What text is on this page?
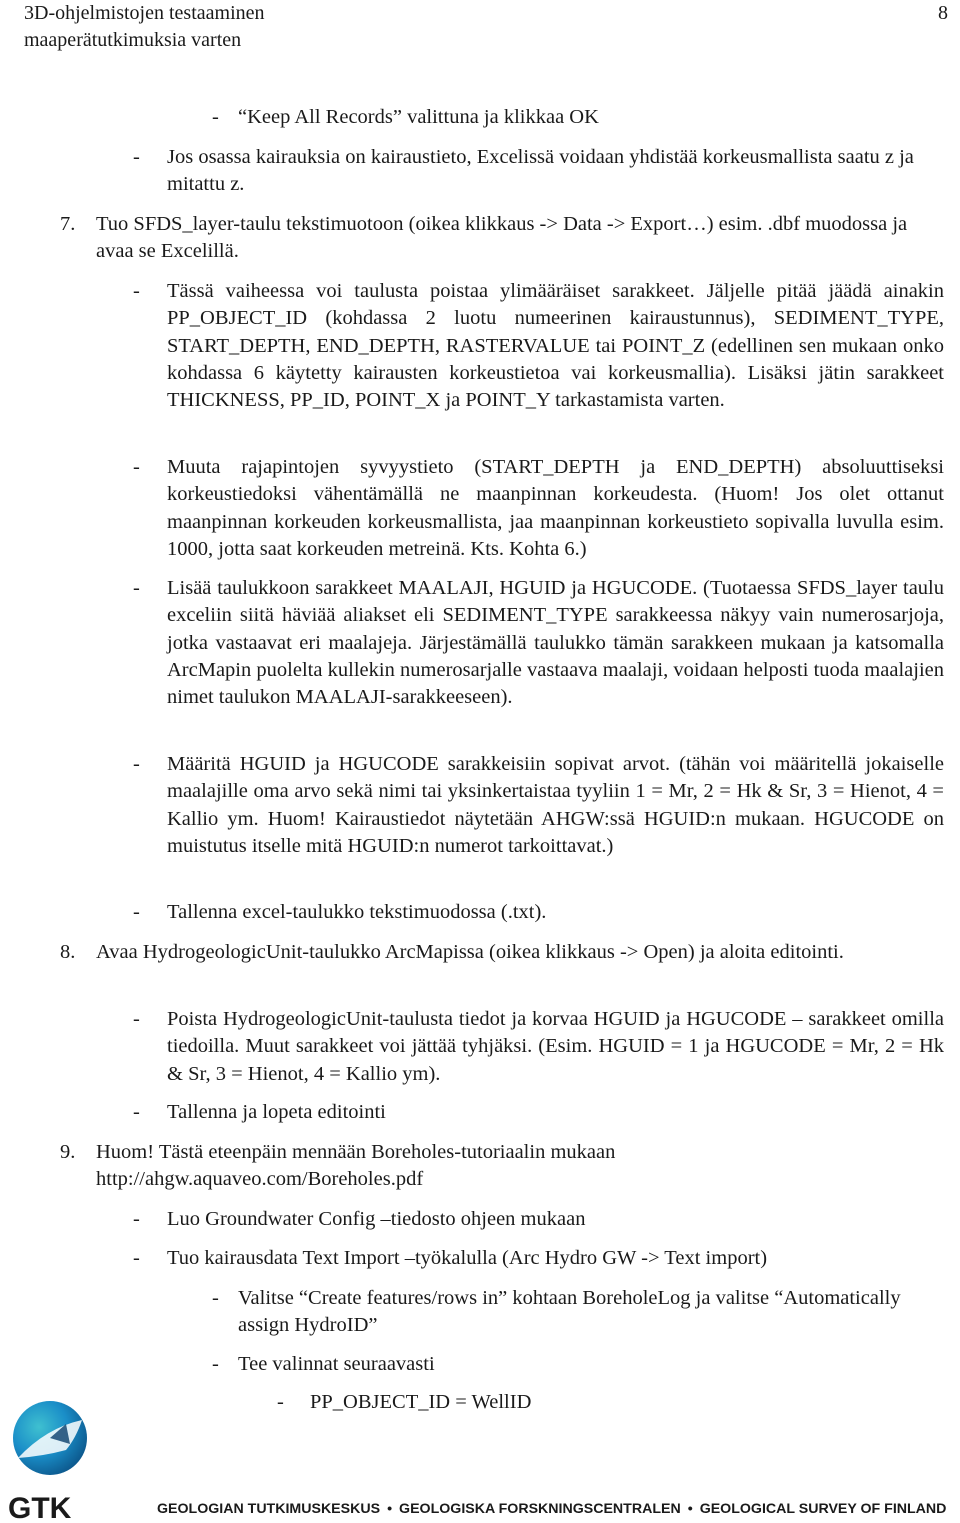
3D-ohjelmistojen testaaminen
maaperätutkimuksia varten
8
- “Keep All Records” valittuna ja klikkaa OK
- Jos osassa kairauksia on kairaustieto, Excelissä voidaan yhdistää korkeusmallista saatu z ja mitattu z.
7. Tuo SFDS_layer-taulu tekstimuotoon (oikea klikkaus -> Data -> Export…) esim. .dbf muodossa ja avaa se Excelillä.
- Tässä vaiheessa voi taulusta poistaa ylimääräiset sarakkeet. Jäljelle pitää jäädä ainakin PP_OBJECT_ID (kohdassa 2 luotu numeerinen kairaustunnus), SEDIMENT_TYPE, START_DEPTH, END_DEPTH, RASTERVALUE tai POINT_Z (edellinen sen mukaan onko kohdassa 6 käytetty kairausten korkeustietoa vai korkeusmallia). Lisäksi jätin sarakkeet THICKNESS, PP_ID, POINT_X ja POINT_Y tarkastamista varten.
- Muuta rajapintojen syvyystieto (START_DEPTH ja END_DEPTH) absoluuttiseksi korkeustiedoksi vähentämällä ne maanpinnan korkeudesta. (Huom! Jos olet ottanut maanpinnan korkeuden korkeusmallista, jaa maanpinnan korkeustieto sopivalla luvulla esim. 1000, jotta saat korkeuden metreinä. Kts. Kohta 6.)
- Lisää taulukkoon sarakkeet MAALAJI, HGUID ja HGUCODE. (Tuotaessa SFDS_layer taulu exceliin siitä häviää aliakset eli SEDIMENT_TYPE sarakkeessa näkyy vain numerosarjoja, jotka vastaavat eri maalajeja. Järjestämällä taulukko tämän sarakkeen mukaan ja katsomalla ArcMapin puolelta kullekin numerosarjalle vastaava maalaji, voidaan helposti tuoda maalajien nimet taulukon MAALAJI-sarakkeeseen).
- Määritä HGUID ja HGUCODE sarakkeisiin sopivat arvot. (tähän voi määritellä jokaiselle maalajille oma arvo sekä nimi tai yksinkertaistaa tyyliin 1 = Mr, 2 = Hk & Sr, 3 = Hienot, 4 = Kallio ym. Huom! Kairaustiedot näytetään AHGW:ssä HGUID:n mukaan. HGUCODE on muistutus itselle mitä HGUID:n numerot tarkoittavat.)
- Tallenna excel-taulukko tekstimuodossa (.txt).
8. Avaa HydrogeologicUnit-taulukko ArcMapissa (oikea klikkaus -> Open) ja aloita editointi.
- Poista HydrogeologicUnit-taulusta tiedot ja korvaa HGUID ja HGUCODE – sarakkeet omilla tiedoilla. Muut sarakkeet voi jättää tyhjäksi. (Esim. HGUID = 1 ja HGUCODE = Mr, 2 = Hk & Sr, 3 = Hienot, 4 = Kallio ym).
- Tallenna ja lopeta editointi
9. Huom! Tästä eteenpäin mennään Boreholes-tutoriaalin mukaan
http://ahgw.aquaveo.com/Boreholes.pdf
- Luo Groundwater Config –tiedosto ohjeen mukaan
- Tuo kairausdata Text Import –työkalulla (Arc Hydro GW -> Text import)
- Valitse “Create features/rows in” kohtaan BoreholeLog ja valitse “Automatically assign HydroID”
- Tee valinnat seuraavasti
- PP_OBJECT_ID = WellID
GTK	GEOLOGIAN TUTKIMUSKESKUS • GEOLOGISKA FORSKNINGSCENTRALEN • GEOLOGICAL SURVEY OF FINLAND
